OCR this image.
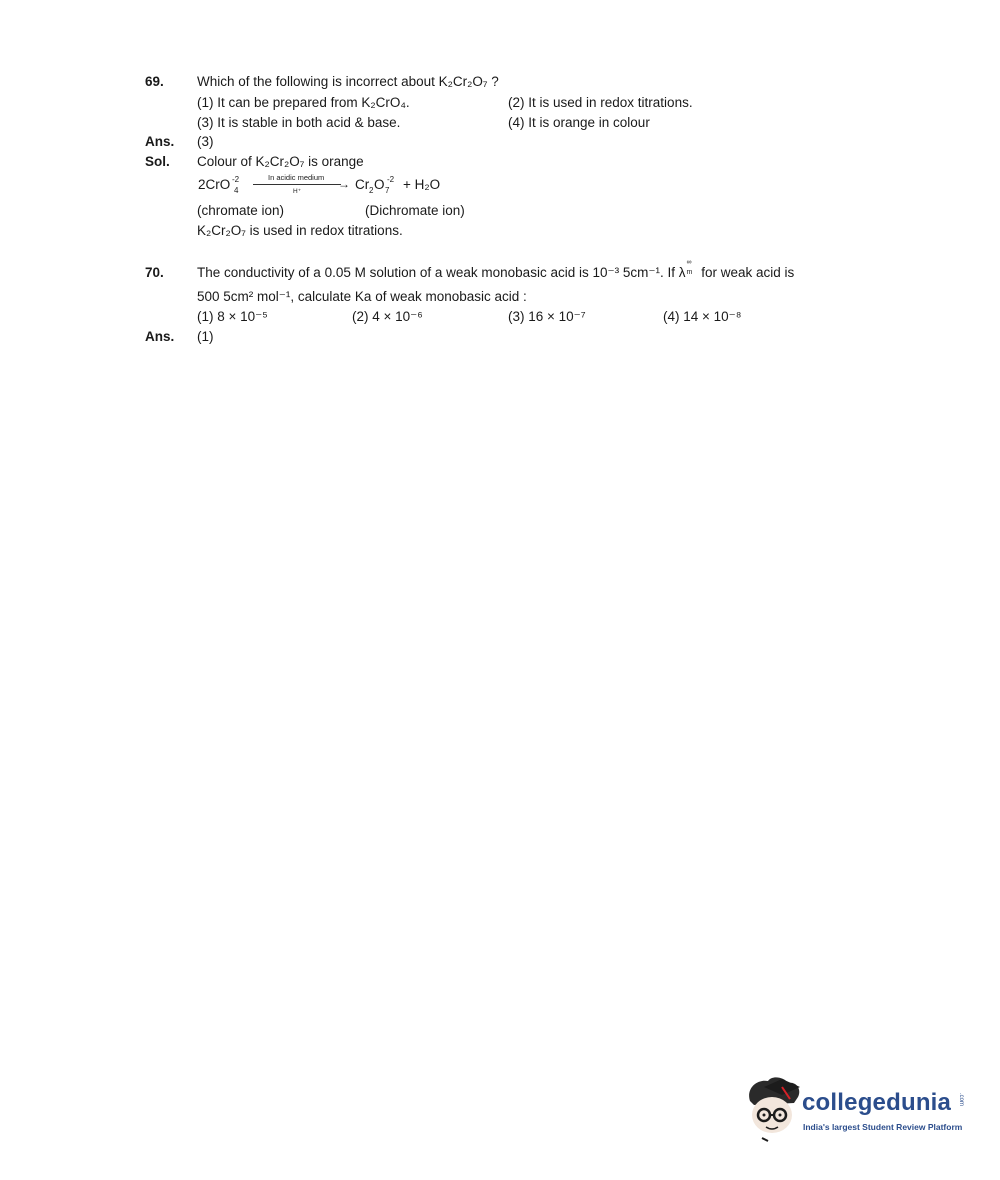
69. Which of the following is incorrect about K₂Cr₂O₇ ?
(1) It can be prepared from K₂CrO₄.	(2) It is used in redox titrations.
(3) It is stable in both acid & base.	(4) It is orange in colour
Ans. (3)
Sol. Colour of K₂Cr₂O₇ is orange
2CrO -2
4
In acidic medium
H⁺	Cr 2 O 7
-2 + H₂O
→
(chromate ion)	(Dichromate ion)
K₂Cr₂O₇ is used in redox titrations.
70. The conductivity of a 0.05 M solution of a weak monobasic acid is 10⁻³ 5cm⁻¹. If λ
∞
m for weak acid is
500 5cm² mol⁻¹, calculate Ka of weak monobasic acid :
(1) 8 × 10⁻⁵	(2) 4 × 10⁻⁶	(3) 16 × 10⁻⁷	(4) 14 × 10⁻⁸
Ans. (1)
collegedunia .com
India's largest Student Review Platform
